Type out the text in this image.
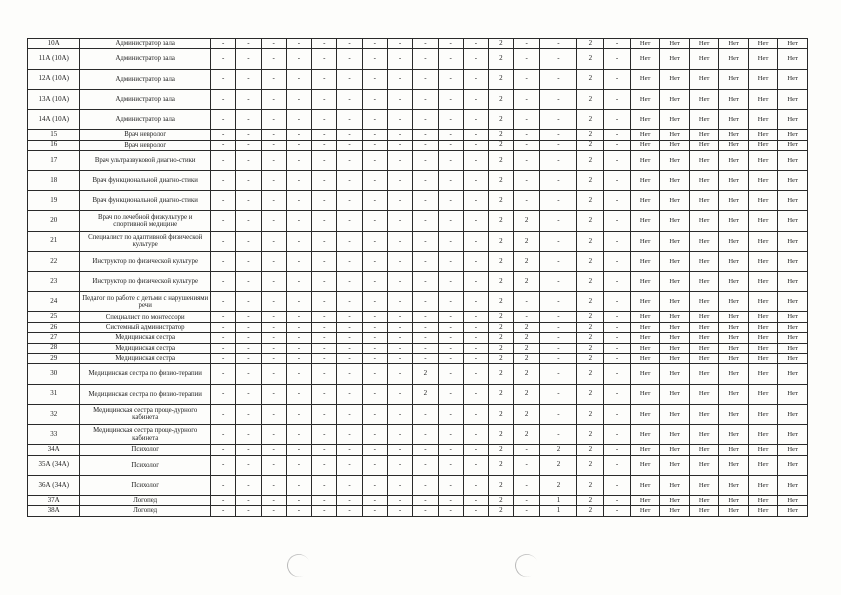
10А	Администратор зала	-	-	-	-	-	-	-	-	-	-	-	2	-	-	2	-	Нет	Нет	Нет	Нет	Нет	Нет
11А (10А)	Администратор зала	-	-	-	-	-	-	-	-	-	-	-	2	-	-	2	-	Нет	Нет	Нет	Нет	Нет	Нет
12А (10А)	Администратор зала	-	-	-	-	-	-	-	-	-	-	-	2	-	-	2	-	Нет	Нет	Нет	Нет	Нет	Нет
13А (10А)	Администратор зала	-	-	-	-	-	-	-	-	-	-	-	2	-	-	2	-	Нет	Нет	Нет	Нет	Нет	Нет
14А (10А)	Администратор зала	-	-	-	-	-	-	-	-	-	-	-	2	-	-	2	-	Нет	Нет	Нет	Нет	Нет	Нет
15	Врач невролог	-	-	-	-	-	-	-	-	-	-	-	2	-	-	2	-	Нет	Нет	Нет	Нет	Нет	Нет
16	Врач невролог	-	-	-	-	-	-	-	-	-	-	-	2	-	-	2	-	Нет	Нет	Нет	Нет	Нет	Нет
17	Врач ультразвуковой диагно-стики	-	-	-	-	-	-	-	-	-	-	-	2	-	-	2	-	Нет	Нет	Нет	Нет	Нет	Нет
18	Врач функциональной диагно-стики	-	-	-	-	-	-	-	-	-	-	-	2	-	-	2	-	Нет	Нет	Нет	Нет	Нет	Нет
19	Врач функциональной диагно-стики	-	-	-	-	-	-	-	-	-	-	-	2	-	-	2	-	Нет	Нет	Нет	Нет	Нет	Нет
20	Врач по лечебной физкультуре и спортивной медицине	-	-	-	-	-	-	-	-	-	-	-	2	2	-	2	-	Нет	Нет	Нет	Нет	Нет	Нет
21	Специалист по адаптивной физической культуре	-	-	-	-	-	-	-	-	-	-	-	2	2	-	2	-	Нет	Нет	Нет	Нет	Нет	Нет
22	Инструктор по физической культуре	-	-	-	-	-	-	-	-	-	-	-	2	2	-	2	-	Нет	Нет	Нет	Нет	Нет	Нет
23	Инструктор по физической культуре	-	-	-	-	-	-	-	-	-	-	-	2	2	-	2	-	Нет	Нет	Нет	Нет	Нет	Нет
24	Педагог по работе с детьми с нарушениями речи	-	-	-	-	-	-	-	-	-	-	-	2	-	-	2	-	Нет	Нет	Нет	Нет	Нет	Нет
25	Специалист по монтессори	-	-	-	-	-	-	-	-	-	-	-	2	-	-	2	-	Нет	Нет	Нет	Нет	Нет	Нет
26	Системный администратор	-	-	-	-	-	-	-	-	-	-	-	2	2	-	2	-	Нет	Нет	Нет	Нет	Нет	Нет
27	Медицинская сестра	-	-	-	-	-	-	-	-	-	-	-	2	2	-	2	-	Нет	Нет	Нет	Нет	Нет	Нет
28	Медицинская сестра	-	-	-	-	-	-	-	-	-	-	-	2	2	-	2	-	Нет	Нет	Нет	Нет	Нет	Нет
29	Медицинская сестра	-	-	-	-	-	-	-	-	-	-	-	2	2	-	2	-	Нет	Нет	Нет	Нет	Нет	Нет
30	Медицинская сестра по физио-терапии	-	-	-	-	-	-	-	-	2	-	-	2	2	-	2	-	Нет	Нет	Нет	Нет	Нет	Нет
31	Медицинская сестра по физио-терапии	-	-	-	-	-	-	-	-	2	-	-	2	2	-	2	-	Нет	Нет	Нет	Нет	Нет	Нет
32	Медицинская сестра проце-дурного кабинета	-	-	-	-	-	-	-	-	-	-	-	2	2	-	2	-	Нет	Нет	Нет	Нет	Нет	Нет
33	Медицинская сестра проце-дурного кабинета	-	-	-	-	-	-	-	-	-	-	-	2	2	-	2	-	Нет	Нет	Нет	Нет	Нет	Нет
34А	Психолог	-	-	-	-	-	-	-	-	-	-	-	2	-	2	2	-	Нет	Нет	Нет	Нет	Нет	Нет
35А (34А)	Психолог	-	-	-	-	-	-	-	-	-	-	-	2	-	2	2	-	Нет	Нет	Нет	Нет	Нет	Нет
36А (34А)	Психолог	-	-	-	-	-	-	-	-	-	-	-	2	-	2	2	-	Нет	Нет	Нет	Нет	Нет	Нет
37А	Логопед	-	-	-	-	-	-	-	-	-	-	-	2	-	1	2	-	Нет	Нет	Нет	Нет	Нет	Нет
38А	Логопед	-	-	-	-	-	-	-	-	-	-	-	2	-	1	2	-	Нет	Нет	Нет	Нет	Нет	Нет
